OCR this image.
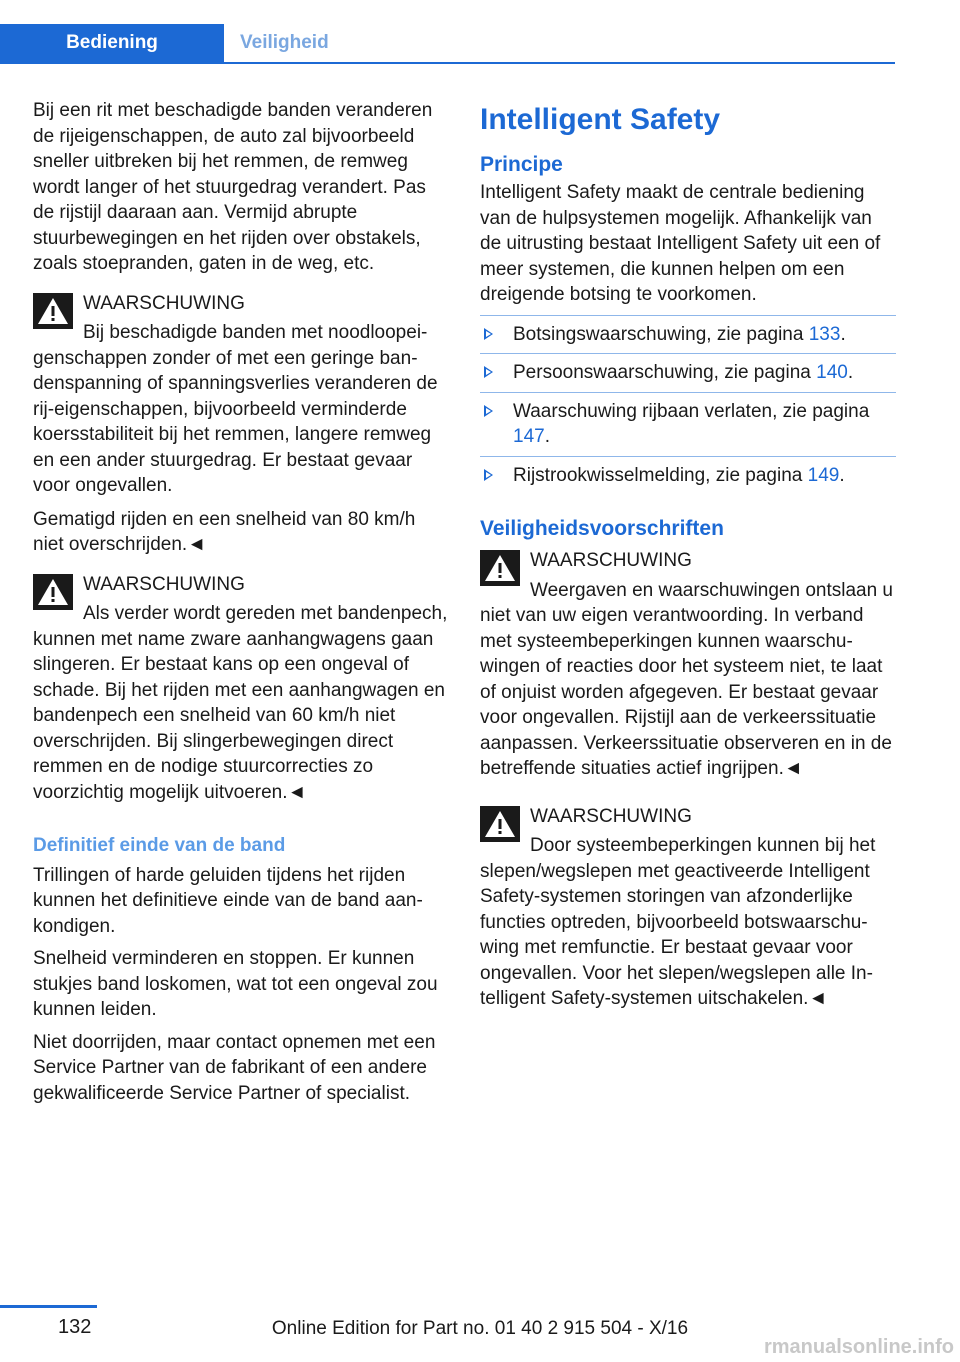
Bediening	Veiligheid

Bij een rit met beschadigde banden veranderen de rijeigenschappen, de auto zal bijvoorbeeld sneller uitbreken bij het remmen, de remweg wordt langer of het stuurgedrag verandert. Pas de rijstijl daaraan aan. Vermijd abrupte stuurbewegingen en het rijden over obstakels, zoals stoepranden, gaten in de weg, etc.

WAARSCHUWING

Bij beschadigde banden met noodloopeigenschappen zonder of met een geringe bandenspanning of spanningsverlies veranderen de rij-eigenschappen, bijvoorbeeld verminderde koersstabiliteit bij het remmen, langere remweg en een ander stuurgedrag. Er bestaat gevaar voor ongevallen.

Gematigd rijden en een snelheid van 80 km/h niet overschrijden.◄

WAARSCHUWING

Als verder wordt gereden met bandenpech, kunnen met name zware aanhangwagens gaan slingeren. Er bestaat kans op een ongeval of schade. Bij het rijden met een aanhangwagen en bandenpech een snelheid van 60 km/h niet overschrijden. Bij slingerbewegingen direct remmen en de nodige stuurcorrecties zo voorzichtig mogelijk uitvoeren.◄

Definitief einde van de band

Trillingen of harde geluiden tijdens het rijden kunnen het definitieve einde van de band aankondigen.

Snelheid verminderen en stoppen. Er kunnen stukjes band loskomen, wat tot een ongeval zou kunnen leiden.

Niet doorrijden, maar contact opnemen met een Service Partner van de fabrikant of een andere gekwalificeerde Service Partner of specialist.

Intelligent Safety
Principe

Intelligent Safety maakt de centrale bediening van de hulpsystemen mogelijk. Afhankelijk van de uitrusting bestaat Intelligent Safety uit een of meer systemen, die kunnen helpen om een dreigende botsing te voorkomen.

Botsingswaarschuwing, zie pagina 133.
Persoonswaarschuwing, zie pagina 140.
Waarschuwing rijbaan verlaten, zie pagina 147.
Rijstrookwisselmelding, zie pagina 149.
Veiligheidsvoorschriften
WAARSCHUWING

Weergaven en waarschuwingen ontslaan u niet van uw eigen verantwoording. In verband met systeembeperkingen kunnen waarschuwingen of reacties door het systeem niet, te laat of onjuist worden afgegeven. Er bestaat gevaar voor ongevallen. Rijstijl aan de verkeerssituatie aanpassen. Verkeerssituatie observeren en in de betreffende situaties actief ingrijpen.◄

WAARSCHUWING

Door systeembeperkingen kunnen bij het slepen/wegslepen met geactiveerde Intelligent Safety-systemen storingen van afzonderlijke functies optreden, bijvoorbeeld botswaarschuwing met remfunctie. Er bestaat gevaar voor ongevallen. Voor het slepen/wegslepen alle Intelligent Safety-systemen uitschakelen.◄

132	Online Edition for Part no. 01 40 2 915 504 - X/16
rmanualsonline.info
